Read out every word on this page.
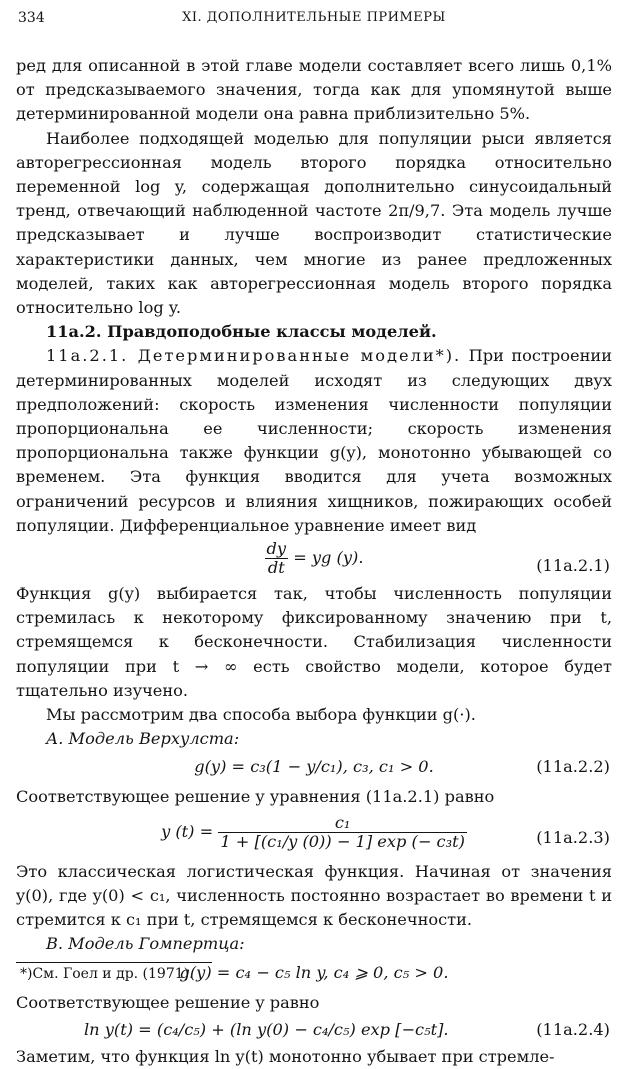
334	XI. ДОПОЛНИТЕЛЬНЫЕ ПРИМЕРЫ

ред для описанной в этой главе модели составляет всего лишь 0,1% от предсказываемого значения, тогда как для упомянутой выше детерминированной модели она равна приблизительно 5%.

Наиболее подходящей моделью для популяции рыси является авторегрессионная модель второго порядка относительно переменной log y, содержащая дополнительно синусоидальный тренд, отвечающий наблюденной частоте 2π/9,7. Эта модель лучше предсказывает и лучше воспроизводит статистические характеристики данных, чем многие из ранее предложенных моделей, таких как авторегрессионная модель второго порядка относительно log y.

11а.2. Правдоподобные классы моделей.

11а.2.1. Детерминированные модели*). При построении детерминированных моделей исходят из следующих двух предположений: скорость изменения численности популяции пропорциональна ее численности; скорость изменения пропорциональна также функции g(y), монотонно убывающей со временем. Эта функция вводится для учета возможных ограничений ресурсов и влияния хищников, пожирающих особей популяции. Дифференциальное уравнение имеет вид

$\frac{dy}{dt}$ = yg (y).	(11а.2.1)

Функция g(y) выбирается так, чтобы численность популяции стремилась к некоторому фиксированному значению при t, стремящемся к бесконечности. Стабилизация численности популяции при t → ∞ есть свойство модели, которое будет тщательно изучено.

Мы рассмотрим два способа выбора функции g(·).

А. Модель Верхулста:

g(y) = c₃(1 − y/c₁), c₃, c₁ > 0.	(11а.2.2)

Соответствующее решение y уравнения (11а.2.1) равно

y $(t) = \frac{\text{c₁}}{\text{1 + [(c₁/y (0)) − 1] exp (− c₃t)}}$	(11а.2.3)

Это классическая логистическая функция. Начиная от значения y(0), где y(0) < c₁, численность постоянно возрастает во времени t и стремится к c₁ при t, стремящемся к бесконечности.

В. Модель Гомпертца:

g(y) = c₄ − c₅ ln y, c₄ ⩾ 0, c₅ > 0.

Соответствующее решение y равно

ln y(t) = (c₄/c₅) + (ln y(0) − c₄/c₅) exp [−c₅t].	(11а.2.4)

Заметим, что функция ln y(t) монотонно убывает при стремле-

*)См. Гоел и др. (1971).
